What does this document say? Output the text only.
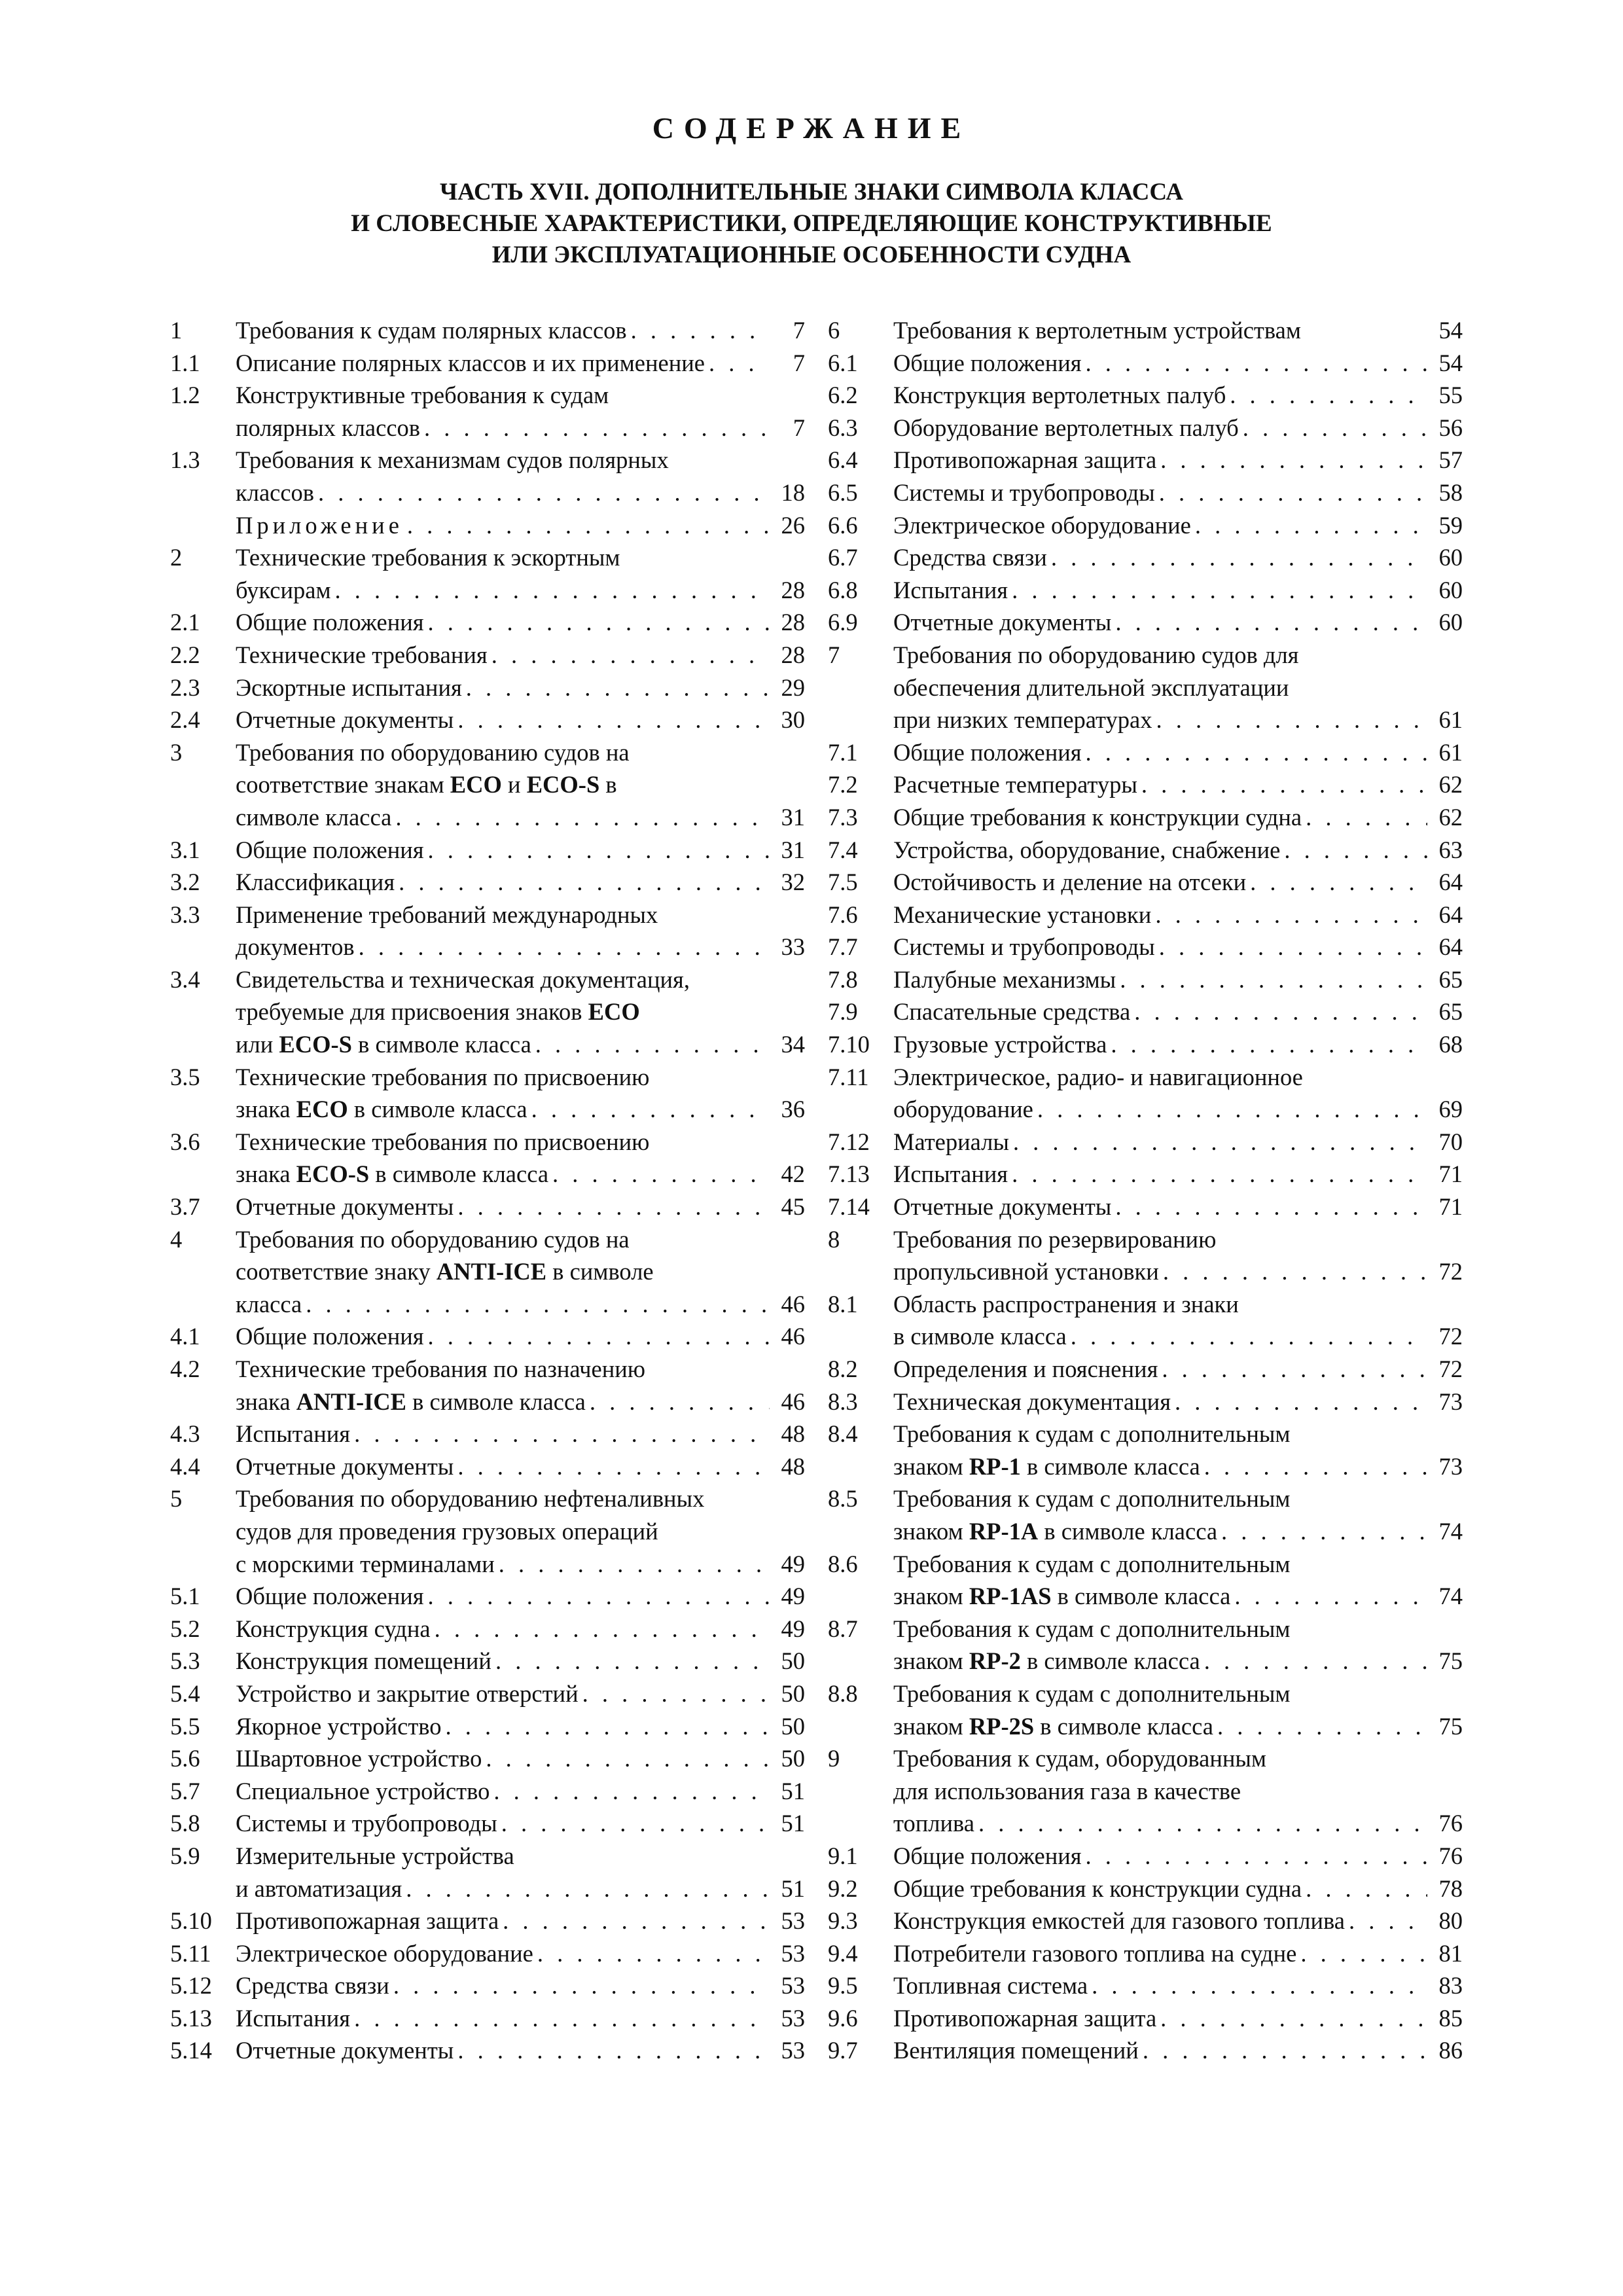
СОДЕРЖАНИЕ
ЧАСТЬ XVII. ДОПОЛНИТЕЛЬНЫЕ ЗНАКИ СИМВОЛА КЛАССА
И СЛОВЕСНЫЕ ХАРАКТЕРИСТИКИ, ОПРЕДЕЛЯЮЩИЕ КОНСТРУКТИВНЫЕ
ИЛИ ЭКСПЛУАТАЦИОННЫЕ ОСОБЕННОСТИ СУДНА
1	Требования к судам полярных классов . . .	7
1.1	Описание полярных классов и их применение . . .	7
1.2	Конструктивные требования к судам
полярных классов . . .	7
1.3	Требования к механизмам судов полярных
классов . . .	18
Приложение . . .	26
2	Технические требования к эскортным
буксирам . . .	28
2.1	Общие положения . . .	28
2.2	Технические требования . . .	28
2.3	Эскортные испытания . . .	29
2.4	Отчетные документы . . .	30
3	Требования по оборудованию судов на
соответствие знакам ECO и ECO-S в
символе класса . . .	31
3.1	Общие положения . . .	31
3.2	Классификация . . .	32
3.3	Применение требований международных
документов . . .	33
3.4	Свидетельства и техническая документация,
требуемые для присвоения знаков ECO
или ECO-S в символе класса . . .	34
3.5	Технические требования по присвоению
знака ECO в символе класса . . .	36
3.6	Технические требования по присвоению
знака ECO-S в символе класса . . .	42
3.7	Отчетные документы . . .	45
4	Требования по оборудованию судов на
соответствие знаку ANTI-ICE в символе
класса . . .	46
4.1	Общие положения . . .	46
4.2	Технические требования по назначению
знака ANTI-ICE в символе класса . . .	46
4.3	Испытания . . .	48
4.4	Отчетные документы . . .	48
5	Требования по оборудованию нефтеналивных
судов для проведения грузовых операций
с морскими терминалами . . .	49
5.1	Общие положения . . .	49
5.2	Конструкция судна . . .	49
5.3	Конструкция помещений . . .	50
5.4	Устройство и закрытие отверстий . . .	50
5.5	Якорное устройство . . .	50
5.6	Швартовное устройство . . .	50
5.7	Специальное устройство . . .	51
5.8	Системы и трубопроводы . . .	51
5.9	Измерительные устройства
и автоматизация . . .	51
5.10 Противопожарная защита . . .	53
5.11	Электрическое оборудование . . .	53
5.12 Средства связи . . .	53
5.13 Испытания . . .	53
5.14 Отчетные документы . . .	53
6	Требования к вертолетным устройствам	54
6.1	Общие положения . . .	54
6.2	Конструкция вертолетных палуб . . .	55
6.3	Оборудование вертолетных палуб . . .	56
6.4	Противопожарная защита . . .	57
6.5	Системы и трубопроводы . . .	58
6.6	Электрическое оборудование . . .	59
6.7	Средства связи . . .	60
6.8	Испытания . . .	60
6.9	Отчетные документы . . .	60
7	Требования по оборудованию судов для
обеспечения длительной эксплуатации
при низких температурах . . .	61
7.1	Общие положения . . .	61
7.2	Расчетные температуры . . .	62
7.3	Общие требования к конструкции судна . . .	62
7.4	Устройства, оборудование, снабжение . . .	63
7.5	Остойчивость и деление на отсеки . . .	64
7.6	Механические установки . . .	64
7.7	Системы и трубопроводы . . .	64
7.8	Палубные механизмы . . .	65
7.9	Спасательные средства . . .	65
7.10 Грузовые устройства . . .	68
7.11	Электрическое, радио- и навигационное
оборудование . . .	69
7.12 Материалы . . .	70
7.13 Испытания . . .	71
7.14 Отчетные документы . . .	71
8	Требования по резервированию
пропульсивной установки . . .	72
8.1	Область распространения и знаки
в символе класса . . .	72
8.2	Определения и пояснения . . .	72
8.3	Техническая документация . . .	73
8.4	Требования к судам с дополнительным
знаком RP-1 в символе класса . . .	73
8.5	Требования к судам с дополнительным
знаком RP-1A в символе класса . . .	74
8.6	Требования к судам с дополнительным
знаком RP-1AS в символе класса . . .	74
8.7	Требования к судам с дополнительным
знаком RP-2 в символе класса . . .	75
8.8	Требования к судам с дополнительным
знаком RP-2S в символе класса . . .	75
9	Требования к судам, оборудованным
для использования газа в качестве
топлива . . .	76
9.1	Общие положения . . .	76
9.2	Общие требования к конструкции судна . . .	78
9.3	Конструкция емкостей для газового топлива . . .	80
9.4	Потребители газового топлива на судне . . .	81
9.5	Топливная система . . .	83
9.6	Противопожарная защита . . .	85
9.7	Вентиляция помещений . . .	86
